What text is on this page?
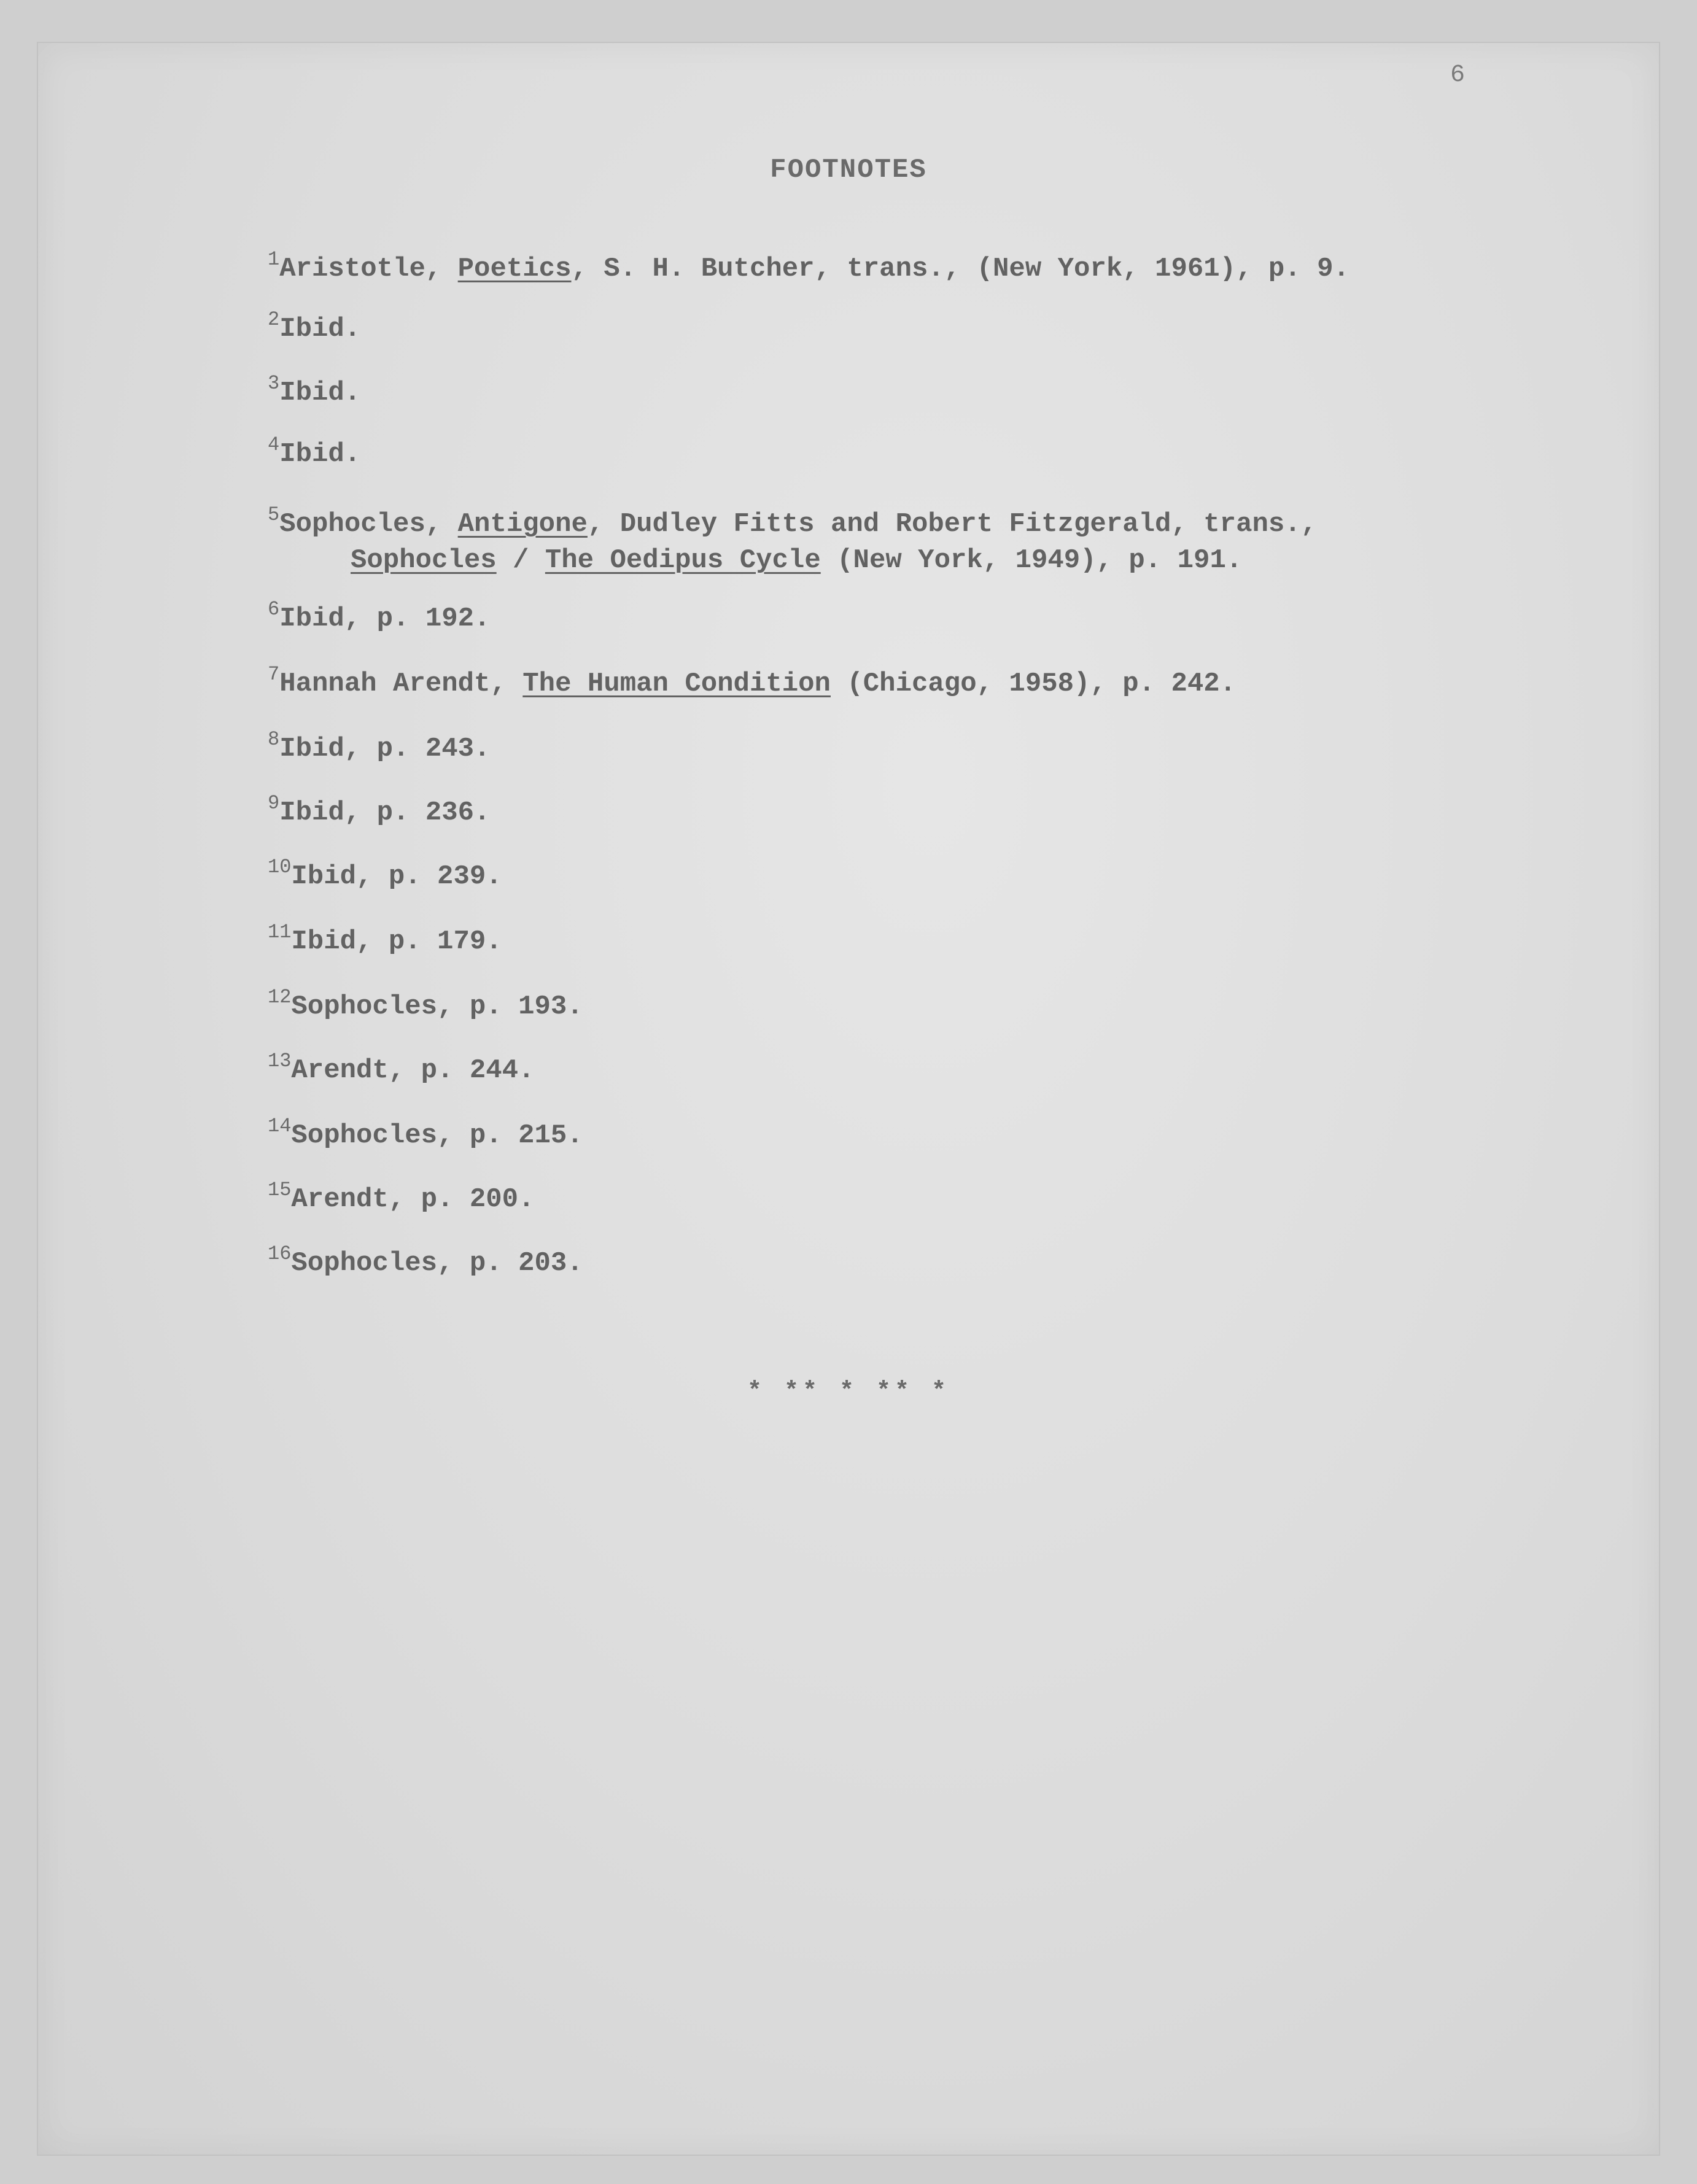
6
FOOTNOTES
$^1$Aristotle, Poetics, S. H. Butcher, trans., (New York, 1961), p. 9.
$^2$Ibid.
$^3$Ibid.
$^4$Ibid.
$^5$Sophocles, Antigone, Dudley Fitts and Robert Fitzgerald, trans.,

Sophocles / The Oedipus Cycle (New York, 1949), p. 191.
$^6$Ibid, p. 192.
$^7$Hannah Arendt, The Human Condition (Chicago, 1958), p. 242.
$^8$Ibid, p. 243.
$^9$Ibid, p. 236.
$^{10}$Ibid, p. 239.
$^{11}$Ibid, p. 179.
$^{12}$Sophocles, p. 193.
$^{13}$Arendt, p. 244.
$^{14}$Sophocles, p. 215.
$^{15}$Arendt, p. 200.
$^{16}$Sophocles, p. 203.
* ** * ** *
